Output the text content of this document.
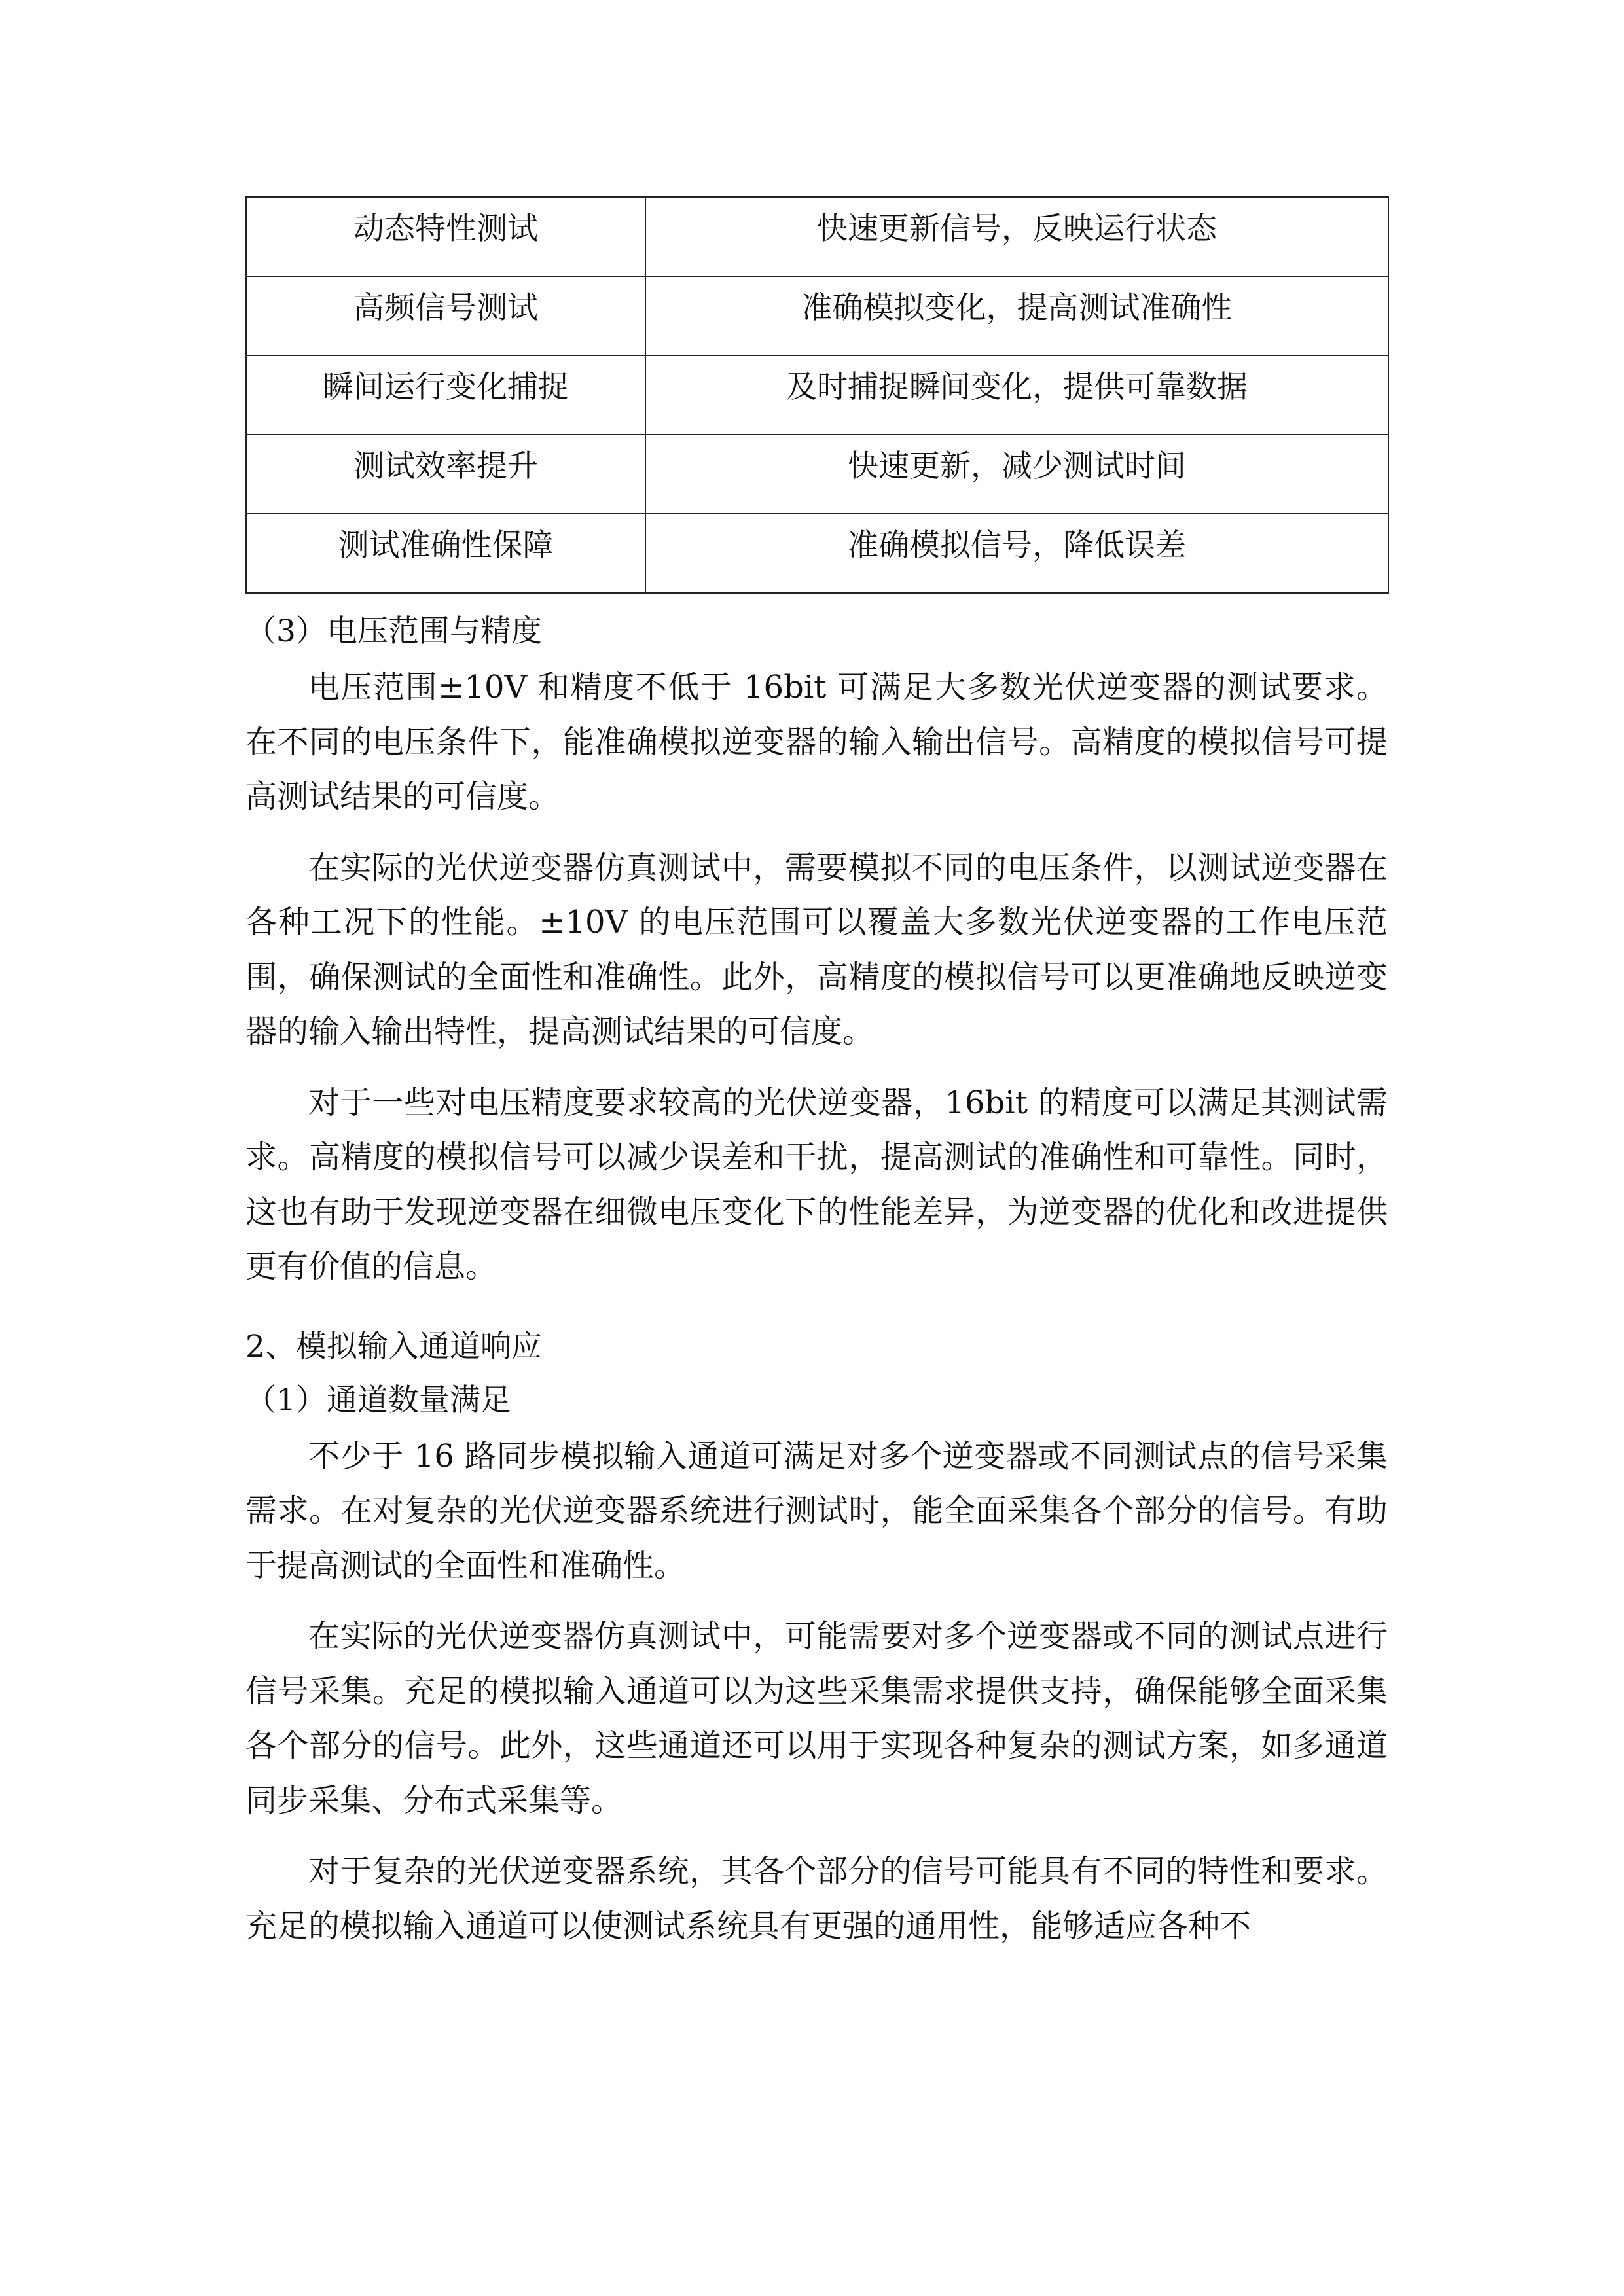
动态特性测试	快速更新信号，反映运行状态
高频信号测试	准确模拟变化，提高测试准确性
瞬间运行变化捕捉	及时捕捉瞬间变化，提供可靠数据
测试效率提升	快速更新，减少测试时间
测试准确性保障	准确模拟信号，降低误差
（3）电压范围与精度

电压范围±10V 和精度不低于 16bit 可满足大多数光伏逆变器的测试要求。在不同的电压条件下，能准确模拟逆变器的输入输出信号。高精度的模拟信号可提高测试结果的可信度。

在实际的光伏逆变器仿真测试中，需要模拟不同的电压条件，以测试逆变器在各种工况下的性能。±10V 的电压范围可以覆盖大多数光伏逆变器的工作电压范围，确保测试的全面性和准确性。此外，高精度的模拟信号可以更准确地反映逆变器的输入输出特性，提高测试结果的可信度。

对于一些对电压精度要求较高的光伏逆变器，16bit 的精度可以满足其测试需求。高精度的模拟信号可以减少误差和干扰，提高测试的准确性和可靠性。同时，这也有助于发现逆变器在细微电压变化下的性能差异，为逆变器的优化和改进提供更有价值的信息。

2、模拟输入通道响应
（1）通道数量满足

不少于 16 路同步模拟输入通道可满足对多个逆变器或不同测试点的信号采集需求。在对复杂的光伏逆变器系统进行测试时，能全面采集各个部分的信号。有助于提高测试的全面性和准确性。

在实际的光伏逆变器仿真测试中，可能需要对多个逆变器或不同的测试点进行信号采集。充足的模拟输入通道可以为这些采集需求提供支持，确保能够全面采集各个部分的信号。此外，这些通道还可以用于实现各种复杂的测试方案，如多通道同步采集、分布式采集等。

对于复杂的光伏逆变器系统，其各个部分的信号可能具有不同的特性和要求。充足的模拟输入通道可以使测试系统具有更强的通用性，能够适应各种不
